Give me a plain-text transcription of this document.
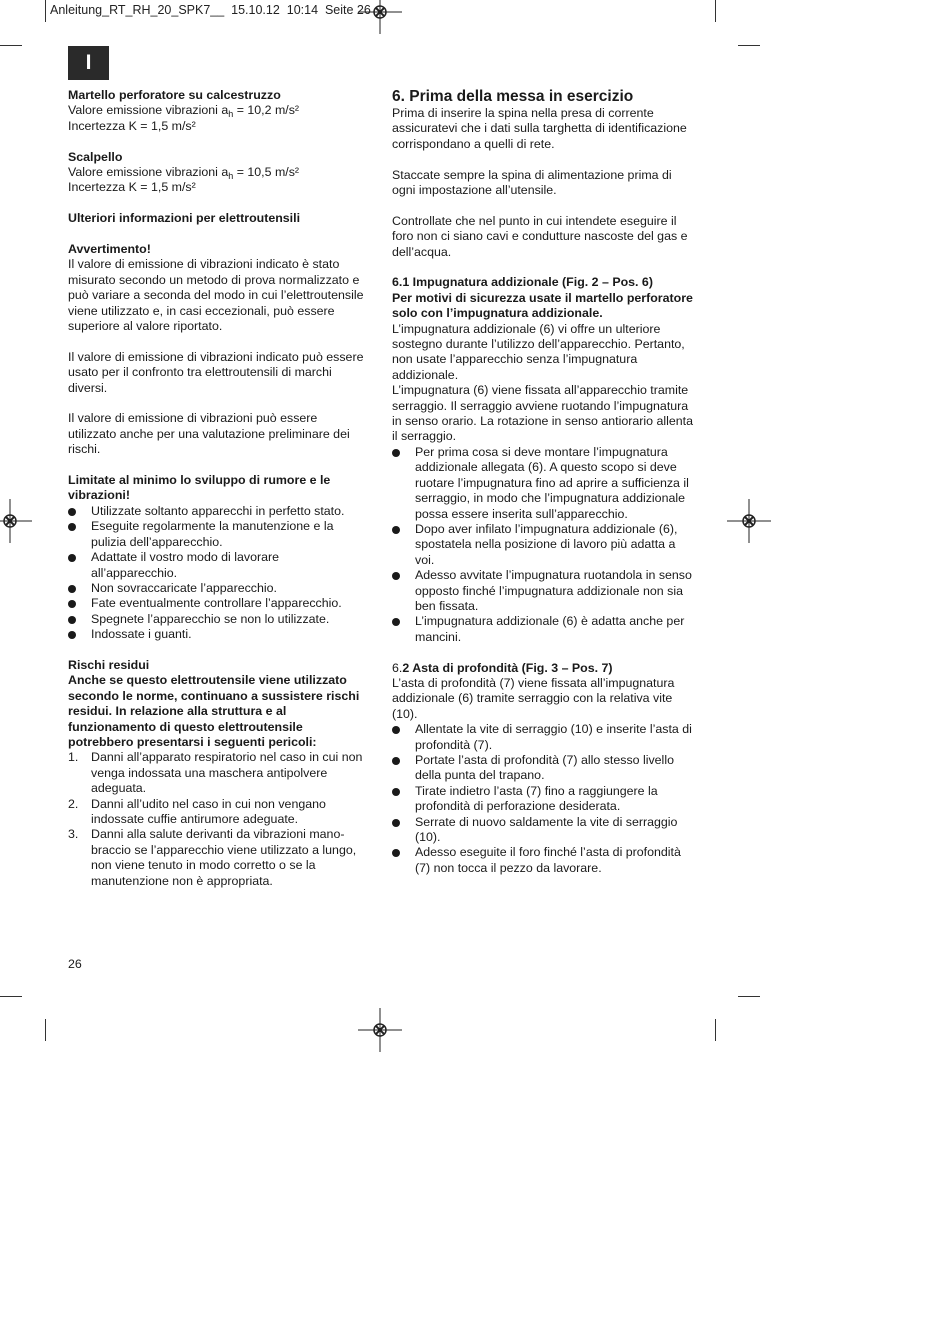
Anleitung_RT_RH_20_SPK7__  15.10.12  10:14  Seite 26
I

Martello perforatore su calcestruzzo

Valore emissione vibrazioni $a_h = 10,2$ m/s²

Incertezza K = 1,5 m/s²

Scalpello

Valore emissione vibrazioni $a_h = 10,5$ m/s²

Incertezza K = 1,5 m/s²

Ulteriori informazioni per elettroutensili

Avvertimento!

Il valore di emissione di vibrazioni indicato è stato misurato secondo un metodo di prova normalizzato e può variare a seconda del modo in cui l’elettroutensile viene utilizzato e, in casi eccezionali, può essere superiore al valore riportato.

Il valore di emissione di vibrazioni indicato può essere usato per il confronto tra elettroutensili di marchi diversi.

Il valore di emissione di vibrazioni può essere utilizzato anche per una valutazione preliminare dei rischi.

Limitate al minimo lo sviluppo di rumore e le vibrazioni!

Utilizzate soltanto apparecchi in perfetto stato.
Eseguite regolarmente la manutenzione e la pulizia dell’apparecchio.
Adattate il vostro modo di lavorare all’apparecchio.
Non sovraccaricate l’apparecchio.
Fate eventualmente controllare l’apparecchio.
Spegnete l’apparecchio se non lo utilizzate.
Indossate i guanti.

Rischi residui

Anche se questo elettroutensile viene utilizzato secondo le norme, continuano a sussistere rischi residui. In relazione alla struttura e al funzionamento di questo elettroutensile potrebbero presentarsi i seguenti pericoli:

1. Danni all’apparato respiratorio nel caso in cui non venga indossata una maschera antipolvere adeguata.
2. Danni all’udito nel caso in cui non vengano indossate cuffie antirumore adeguate.
3. Danni alla salute derivanti da vibrazioni mano-braccio se l’apparecchio viene utilizzato a lungo, non viene tenuto in modo corretto o se la manutenzione non è appropriata.

6. Prima della messa in esercizio

Prima di inserire la spina nella presa di corrente assicuratevi che i dati sulla targhetta di identificazione corrispondano a quelli di rete.

Staccate sempre la spina di alimentazione prima di ogni impostazione all’utensile.

Controllate che nel punto in cui intendete eseguire il foro non ci siano cavi e condutture nascoste del gas e dell’acqua.

6.1 Impugnatura addizionale (Fig. 2 – Pos. 6)

Per motivi di sicurezza usate il martello perforatore solo con l’impugnatura addizionale.

L’impugnatura addizionale (6) vi offre un ulteriore sostegno durante l’utilizzo dell’apparecchio. Pertanto, non usate l’apparecchio senza l’impugnatura addizionale.

L’impugnatura (6) viene fissata all’apparecchio tramite serraggio. Il serraggio avviene ruotando l’impugnatura in senso orario. La rotazione in senso antiorario allenta il serraggio.

Per prima cosa si deve montare l’impugnatura addizionale allegata (6). A questo scopo si deve ruotare l’impugnatura fino ad aprire a sufficienza il serraggio, in modo che l’impugnatura addizionale possa essere inserita sull’apparecchio.
Dopo aver infilato l’impugnatura addizionale (6), spostatela nella posizione di lavoro più adatta a voi.
Adesso avvitate l’impugnatura ruotandola in senso opposto finché l’impugnatura addizionale non sia ben fissata.
L’impugnatura addizionale (6) è adatta anche per mancini.

6.2 Asta di profondità (Fig. 3 – Pos. 7)

L’asta di profondità (7) viene fissata all’impugnatura addizionale (6) tramite serraggio con la relativa vite (10).

Allentate la vite di serraggio (10) e inserite l’asta di profondità (7).
Portate l’asta di profondità (7) allo stesso livello della punta del trapano.
Tirate indietro l’asta (7) fino a raggiungere la profondità di perforazione desiderata.
Serrate di nuovo saldamente la vite di serraggio (10).
Adesso eseguite il foro finché l’asta di profondità (7) non tocca il pezzo da lavorare.
26
